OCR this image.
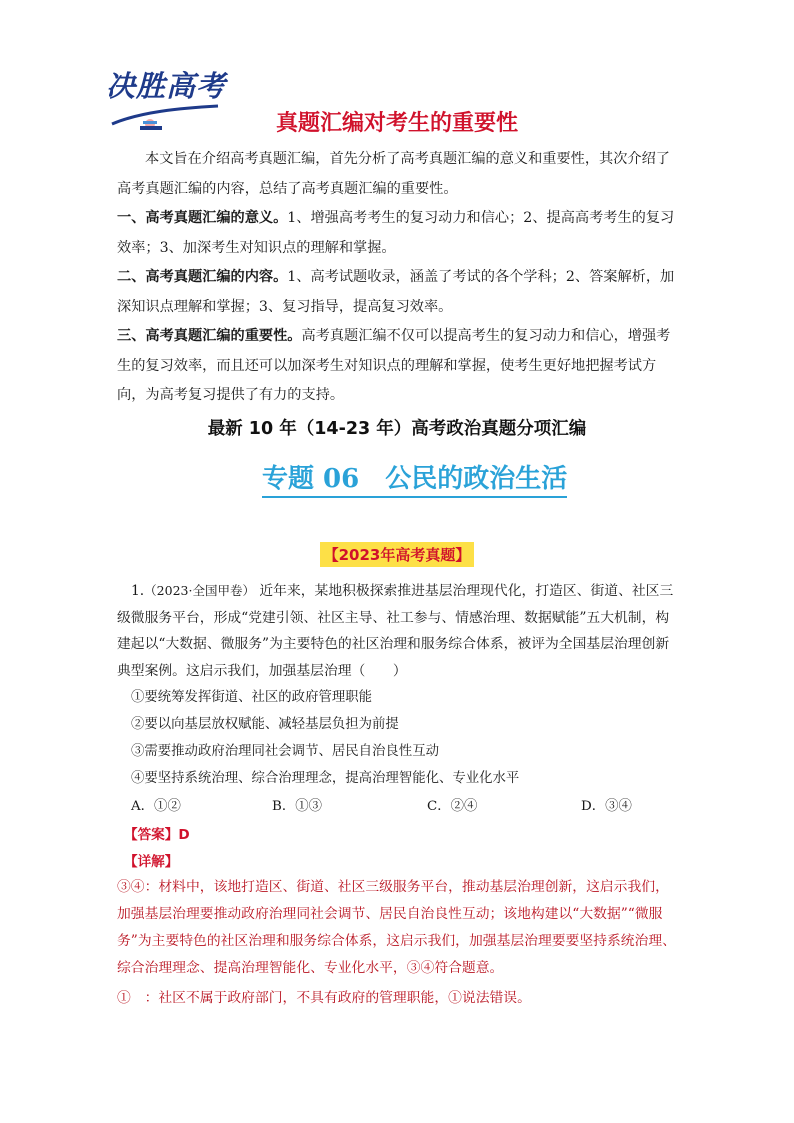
决胜高考
真题汇编对考生的重要性
本文旨在介绍高考真题汇编，首先分析了高考真题汇编的意义和重要性，其次介绍了高考真题汇编的内容，总结了高考真题汇编的重要性。
一、高考真题汇编的意义。1、增强高考考生的复习动力和信心；2、提高高考考生的复习效率；3、加深考生对知识点的理解和掌握。
二、高考真题汇编的内容。1、高考试题收录，涵盖了考试的各个学科；2、答案解析，加深知识点理解和掌握；3、复习指导，提高复习效率。
三、高考真题汇编的重要性。高考真题汇编不仅可以提高考生的复习动力和信心，增强考生的复习效率，而且还可以加深考生对知识点的理解和掌握，使考生更好地把握考试方向，为高考复习提供了有力的支持。
最新 10 年（14-23 年）高考政治真题分项汇编
专题 06　公民的政治生活
【2023年高考真题】
1.（2023·全国甲卷） 近年来，某地积极探索推进基层治理现代化，打造区、街道、社区三级微服务平台，形成“党建引领、社区主导、社工参与、情感治理、数据赋能”五大机制，构建起以“大数据、微服务”为主要特色的社区治理和服务综合体系，被评为全国基层治理创新典型案例。这启示我们，加强基层治理（　　）
①要统筹发挥街道、社区的政府管理职能
②要以向基层放权赋能、减轻基层负担为前提
③需要推动政府治理同社会调节、居民自治良性互动
④要坚持系统治理、综合治理理念，提高治理智能化、专业化水平
A．①②	B．①③	C．②④	D．③④
【答案】D
【详解】
③④：材料中，该地打造区、街道、社区三级服务平台，推动基层治理创新，这启示我们，加强基层治理要推动政府治理同社会调节、居民自治良性互动；该地构建以“大数据”“微服务”为主要特色的社区治理和服务综合体系，这启示我们，加强基层治理要要坚持系统治理、综合治理理念、提高治理智能化、专业化水平，③④符合题意。
①　：社区不属于政府部门，不具有政府的管理职能，①说法错误。
